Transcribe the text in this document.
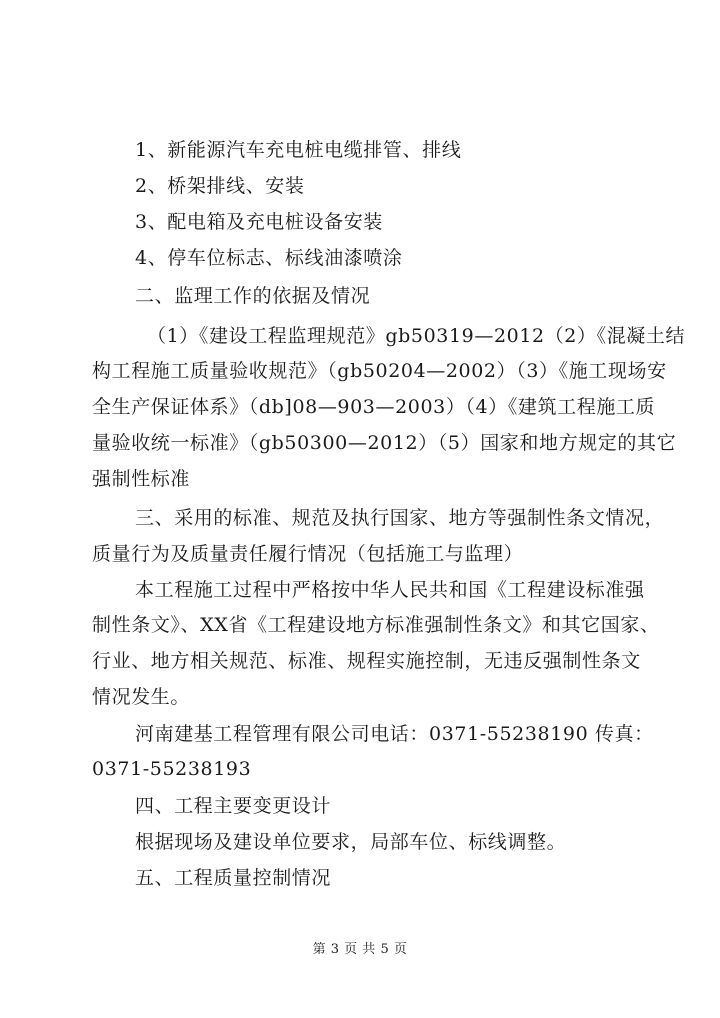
1、新能源汽车充电桩电缆排管、排线
2、桥架排线、安装
3、配电箱及充电桩设备安装
4、停车位标志、标线油漆喷涂
二、监理工作的依据及情况
（1）《建设工程监理规范》gb50319—2012（2）《混凝土结
构工程施工质量验收规范》（gb50204—2002）（3）《施工现场安
全生产保证体系》（db]08—903—2003）（4）《建筑工程施工质
量验收统一标准》（gb50300—2012）（5）国家和地方规定的其它
强制性标准
三、采用的标准、规范及执行国家、地方等强制性条文情况，
质量行为及质量责任履行情况（包括施工与监理）
本工程施工过程中严格按中华人民共和国《工程建设标准强
制性条文》、XX省《工程建设地方标准强制性条文》和其它国家、
行业、地方相关规范、标准、规程实施控制，无违反强制性条文
情况发生。
河南建基工程管理有限公司电话：0371-55238190 传真：
0371-55238193
四、工程主要变更设计
根据现场及建设单位要求，局部车位、标线调整。
五、工程质量控制情况
第 3 页 共 5 页
